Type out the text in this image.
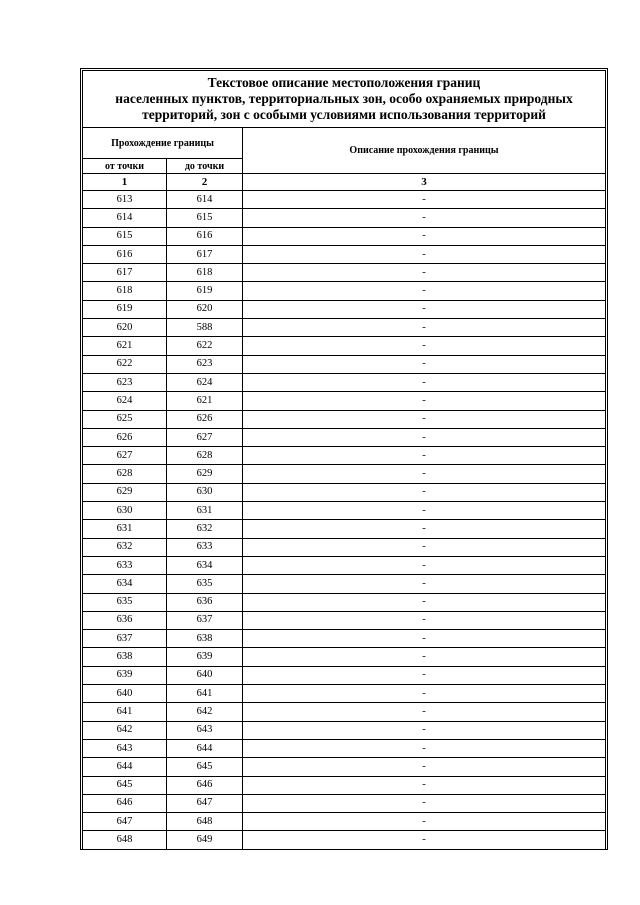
Текстовое описание местоположения границ
населенных пунктов, территориальных зон, особо охраняемых природных
территорий, зон с особыми условиями использования территорий		

Прохождение границы		Описание прохождения границы
от точки	до точки	
1	2	3
613	614	-
614	615	-
615	616	-
616	617	-
617	618	-
618	619	-
619	620	-
620	588	-
621	622	-
622	623	-
623	624	-
624	621	-
625	626	-
626	627	-
627	628	-
628	629	-
629	630	-
630	631	-
631	632	-
632	633	-
633	634	-
634	635	-
635	636	-
636	637	-
637	638	-
638	639	-
639	640	-
640	641	-
641	642	-
642	643	-
643	644	-
644	645	-
645	646	-
646	647	-
647	648	-
648	649	-
